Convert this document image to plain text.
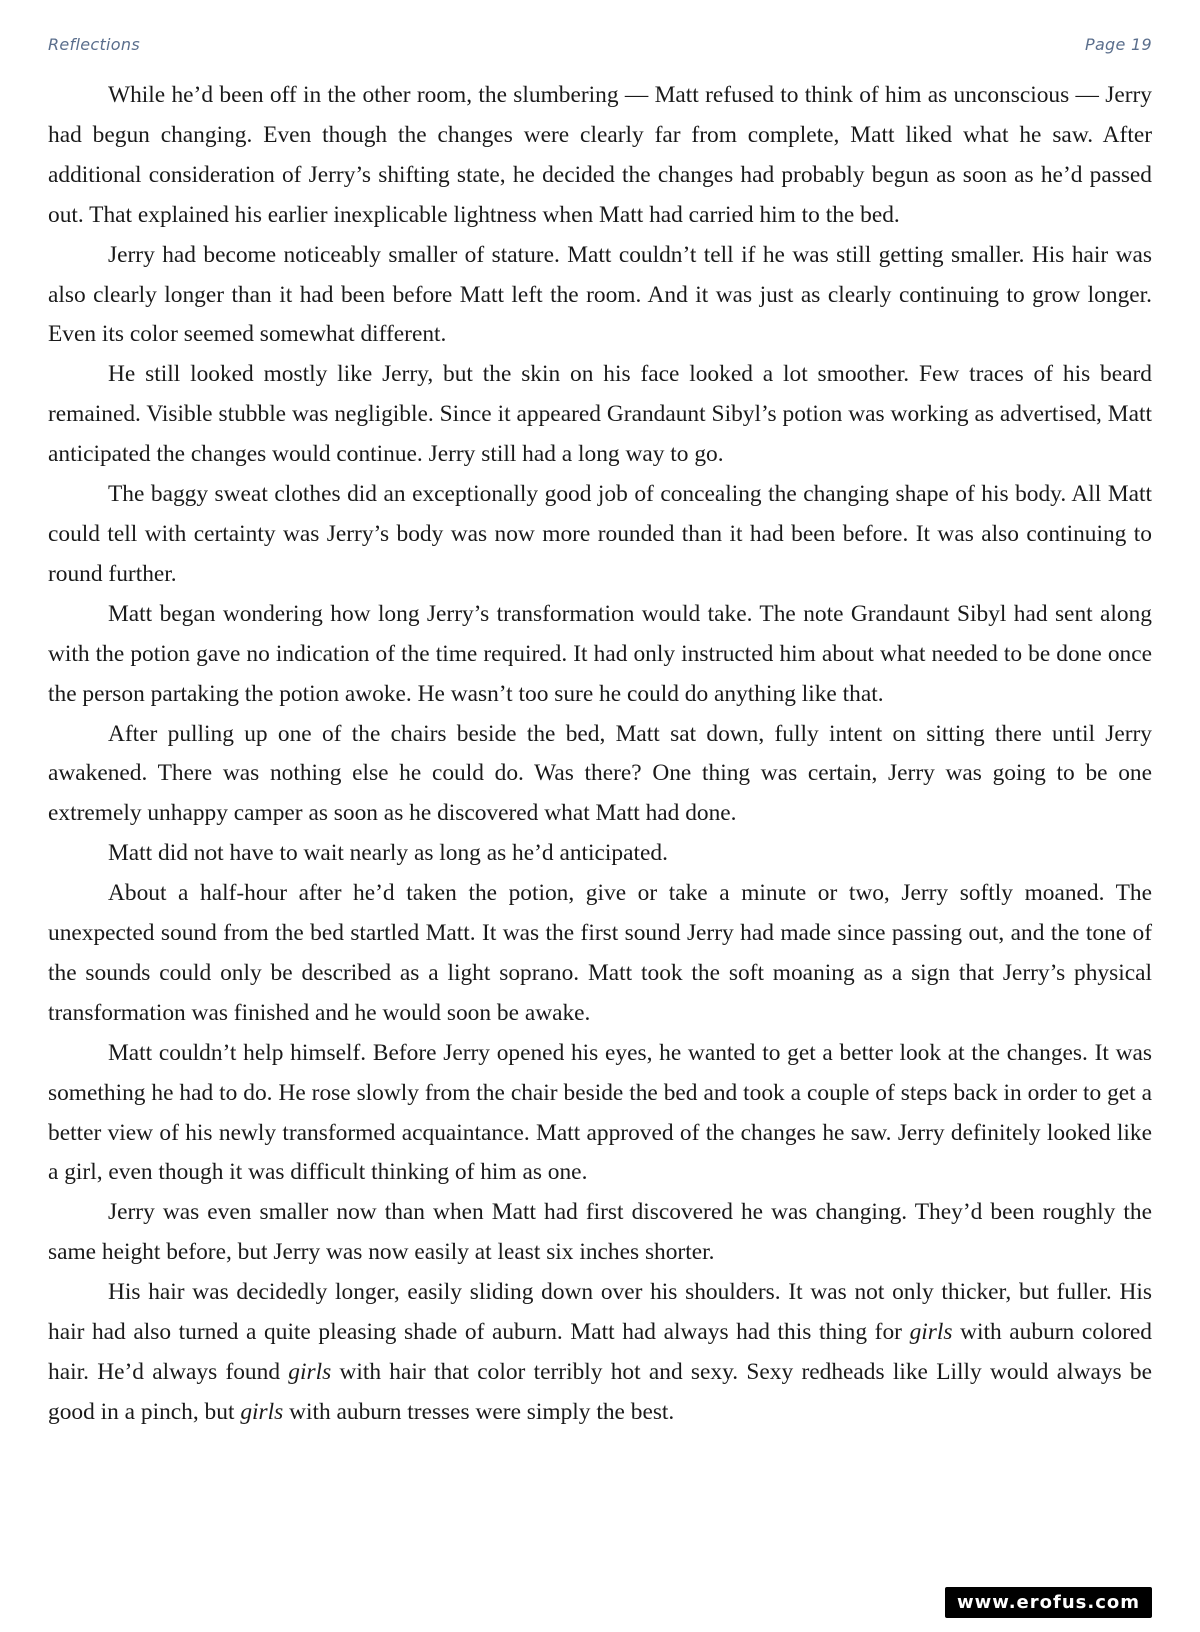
Reflections	Page 19

While he’d been off in the other room, the slumbering — Matt refused to think of him as unconscious — Jerry had begun changing. Even though the changes were clearly far from complete, Matt liked what he saw. After additional consideration of Jerry’s shifting state, he decided the changes had probably begun as soon as he’d passed out. That explained his earlier inexplicable lightness when Matt had carried him to the bed.

Jerry had become noticeably smaller of stature. Matt couldn’t tell if he was still getting smaller. His hair was also clearly longer than it had been before Matt left the room. And it was just as clearly continuing to grow longer. Even its color seemed somewhat different.

He still looked mostly like Jerry, but the skin on his face looked a lot smoother. Few traces of his beard remained. Visible stubble was negligible. Since it appeared Grandaunt Sibyl’s potion was working as advertised, Matt anticipated the changes would continue. Jerry still had a long way to go.

The baggy sweat clothes did an exceptionally good job of concealing the changing shape of his body. All Matt could tell with certainty was Jerry’s body was now more rounded than it had been before. It was also continuing to round further.

Matt began wondering how long Jerry’s transformation would take. The note Grandaunt Sibyl had sent along with the potion gave no indication of the time required. It had only instructed him about what needed to be done once the person partaking the potion awoke. He wasn’t too sure he could do anything like that.

After pulling up one of the chairs beside the bed, Matt sat down, fully intent on sitting there until Jerry awakened. There was nothing else he could do. Was there? One thing was certain, Jerry was going to be one extremely unhappy camper as soon as he discovered what Matt had done.

Matt did not have to wait nearly as long as he’d anticipated.

About a half-hour after he’d taken the potion, give or take a minute or two, Jerry softly moaned. The unexpected sound from the bed startled Matt. It was the first sound Jerry had made since passing out, and the tone of the sounds could only be described as a light soprano. Matt took the soft moaning as a sign that Jerry’s physical transformation was finished and he would soon be awake.

Matt couldn’t help himself. Before Jerry opened his eyes, he wanted to get a better look at the changes. It was something he had to do. He rose slowly from the chair beside the bed and took a couple of steps back in order to get a better view of his newly transformed acquaintance. Matt approved of the changes he saw. Jerry definitely looked like a girl, even though it was difficult thinking of him as one.

Jerry was even smaller now than when Matt had first discovered he was changing. They’d been roughly the same height before, but Jerry was now easily at least six inches shorter.

His hair was decidedly longer, easily sliding down over his shoulders. It was not only thicker, but fuller. His hair had also turned a quite pleasing shade of auburn. Matt had always had this thing for girls with auburn colored hair. He’d always found girls with hair that color terribly hot and sexy. Sexy redheads like Lilly would always be good in a pinch, but girls with auburn tresses were simply the best.

www.erofus.com
